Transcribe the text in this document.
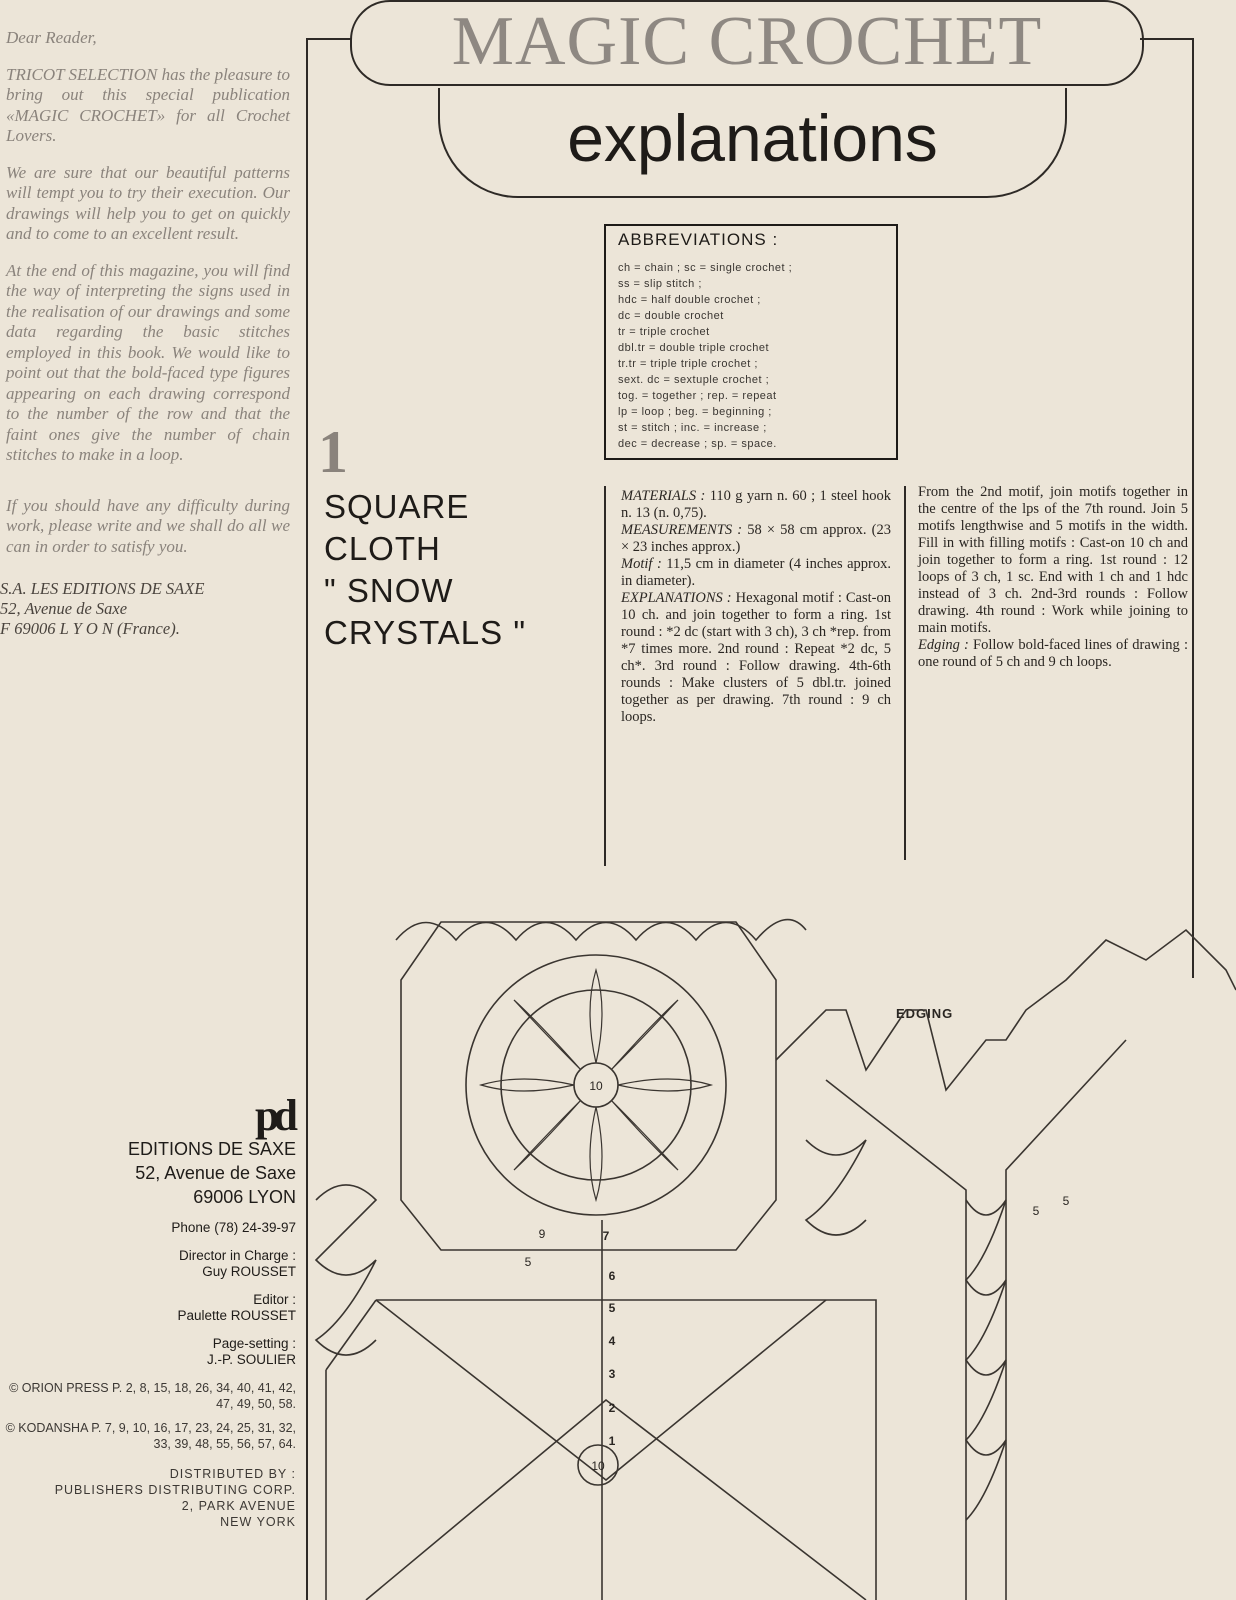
Dear Reader,

TRICOT SELECTION has the pleasure to bring out this special publication «MAGIC CROCHET» for all Crochet Lovers.

We are sure that our beautiful patterns will tempt you to try their execution. Our drawings will help you to get on quickly and to come to an excellent result.

At the end of this magazine, you will find the way of interpreting the signs used in the realisation of our drawings and some data regarding the basic stitches employed in this book. We would like to point out that the bold-faced type figures appearing on each drawing correspond to the number of the row and that the faint ones give the number of chain stitches to make in a loop.

If you should have any difficulty during work, please write and we shall do all we can in order to satisfy you.

S.A. LES EDITIONS DE SAXE
52, Avenue de Saxe
F 69006 L Y O N (France).
pd
EDITIONS DE SAXE
52, Avenue de Saxe
69006 LYON
Phone (78) 24-39-97
Director in Charge :
Guy ROUSSET
Editor :
Paulette ROUSSET
Page-setting :
J.-P. SOULIER
© ORION PRESS P. 2, 8, 15, 18, 26, 34, 40, 41, 42, 47, 49, 50, 58.
© KODANSHA P. 7, 9, 10, 16, 17, 23, 24, 25, 31, 32, 33, 39, 48, 55, 56, 57, 64.
DISTRIBUTED BY :
PUBLISHERS DISTRIBUTING CORP.
2, PARK AVENUE
NEW YORK
MAGIC CROCHET
explanations
ABBREVIATIONS :
ch = chain ; sc = single crochet ;
ss = slip stitch ;
hdc = half double crochet ;
dc = double crochet
tr = triple crochet
dbl.tr = double triple crochet
tr.tr = triple triple crochet ;
sext. dc = sextuple crochet ;
tog. = together ; rep. = repeat
lp = loop ; beg. = beginning ;
st = stitch ; inc. = increase ;
dec = decrease ; sp. = space.
1
SQUARE
CLOTH
" SNOW
CRYSTALS "
MATERIALS : 110 g yarn n. 60 ; 1 steel hook n. 13 (n. 0,75).
MEASUREMENTS : 58 × 58 cm approx. (23 × 23 inches approx.)
Motif : 11,5 cm in diameter (4 inches approx. in diameter).
EXPLANATIONS : Hexagonal motif : Cast-on 10 ch. and join together to form a ring. 1st round : *2 dc (start with 3 ch), 3 ch *rep. from *7 times more. 2nd round : Repeat *2 dc, 5 ch*. 3rd round : Follow drawing. 4th-6th rounds : Make clusters of 5 dbl.tr. joined together as per drawing. 7th round : 9 ch loops.
From the 2nd motif, join motifs together in the centre of the lps of the 7th round. Join 5 motifs lengthwise and 5 motifs in the width. Fill in with filling motifs : Cast-on 10 ch and join together to form a ring. 1st round : 12 loops of 3 ch, 1 sc. End with 1 ch and 1 hdc instead of 3 ch. 2nd-3rd rounds : Follow drawing. 4th round : Work while joining to main motifs.
Edging : Follow bold-faced lines of drawing : one round of 5 ch and 9 ch loops.
EDGING
10
10
7
6
5
4
3
2
1
9
5
5
5
